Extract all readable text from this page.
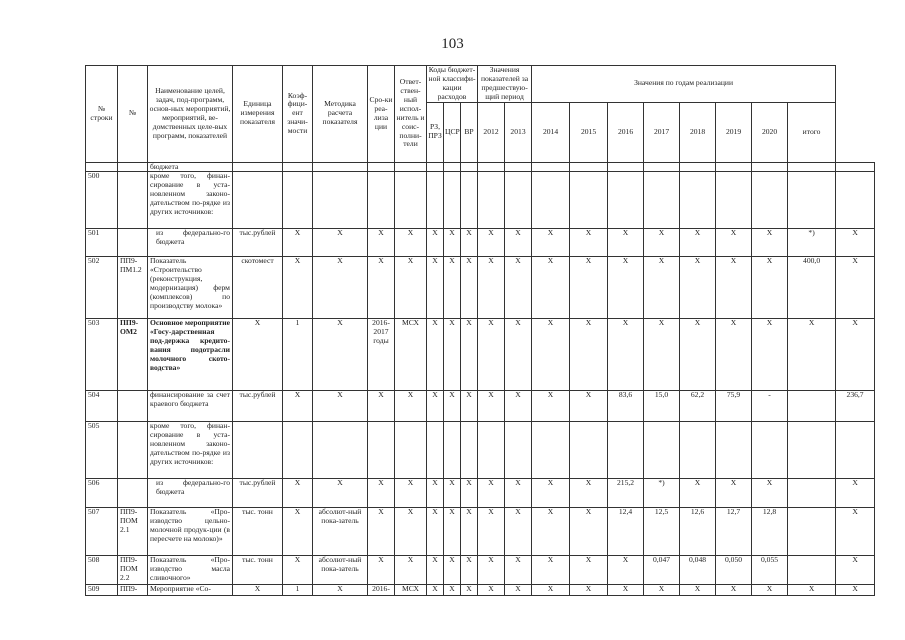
103
№ строки	№	Наименование целей, задач, под-программ, основ-ных мероприятий, мероприятий, ве-домственных целе-вых программ, показателей	Единица измерения показателя	Коэф-фици-ент значи-мости	Методика расчета показателя	Сро-ки реа-лиза ции	Ответ-ствен-ный испол-нитель и соис-полни-тели	Коды бюджет-ной классифи-кации расходов			Значения показателей за предшествую-щий период		Значения по годам реализации								
								РЗ, ПРЗ	ЦСР	ВР	2012	2013	2014	2015	2016	2017	2018	2019	2020	итого	
		бюджета																			
500		кроме того, финан-сирование в уста-новленном законо-дательством по-рядке из других источников:																			
501		из федерально-го бюджета	тыс.рублей	X	X	X	X	X	X	X	X	X	X	X	X	X	X	X	X	*)	X
502	ПП9-ПМ1.2	Показатель «Строительство (реконструкция, модернизация) ферм (комплексов) по производству молока»	скотомест	X	X	X	X	X	X	X	X	X	X	X	X	X	X	X	X	400,0	X
503	ПП9-ОМ2	Основное мероприятие «Госу-дарственная под-держка кредито-вания подотрасли молочного ското-водства»	X	1	X	2016-2017 годы	МСХ	X	X	X	X	X	X	X	X	X	X	X	X	X	X
504		финансирование за счет краевого бюджета	тыс.рублей	X	X	X	X	X	X	X	X	X	X	X	83,6	15,0	62,2	75,9	-		236,7
505		кроме того, финан-сирование в уста-новленном законо-дательством по-рядке из других источников:																			
506		из федерально-го бюджета	тыс.рублей	X	X	X	X	X	X	X	X	X	X	X	215,2	*)	X	X	X		X
507	ПП9-ПОМ 2.1	Показатель «Про-изводство цельно-молочной продук-ции (в пересчете на молоко)»	тыс. тонн	X	абсолют-ный пока-затель	X	X	X	X	X	X	X	X	X	12,4	12,5	12,6	12,7	12,8		X
508	ПП9-ПОМ 2.2	Показатель «Про-изводство масла сливочного»	тыс. тонн	X	абсолют-ный пока-затель	X	X	X	X	X	X	X	X	X	X	0,047	0,048	0,050	0,055		X
509	ПП9-	Мероприятие «Со-	X	1	X	2016-	МСХ	X	X	X	X	X	X	X	X	X	X	X	X	X	X
